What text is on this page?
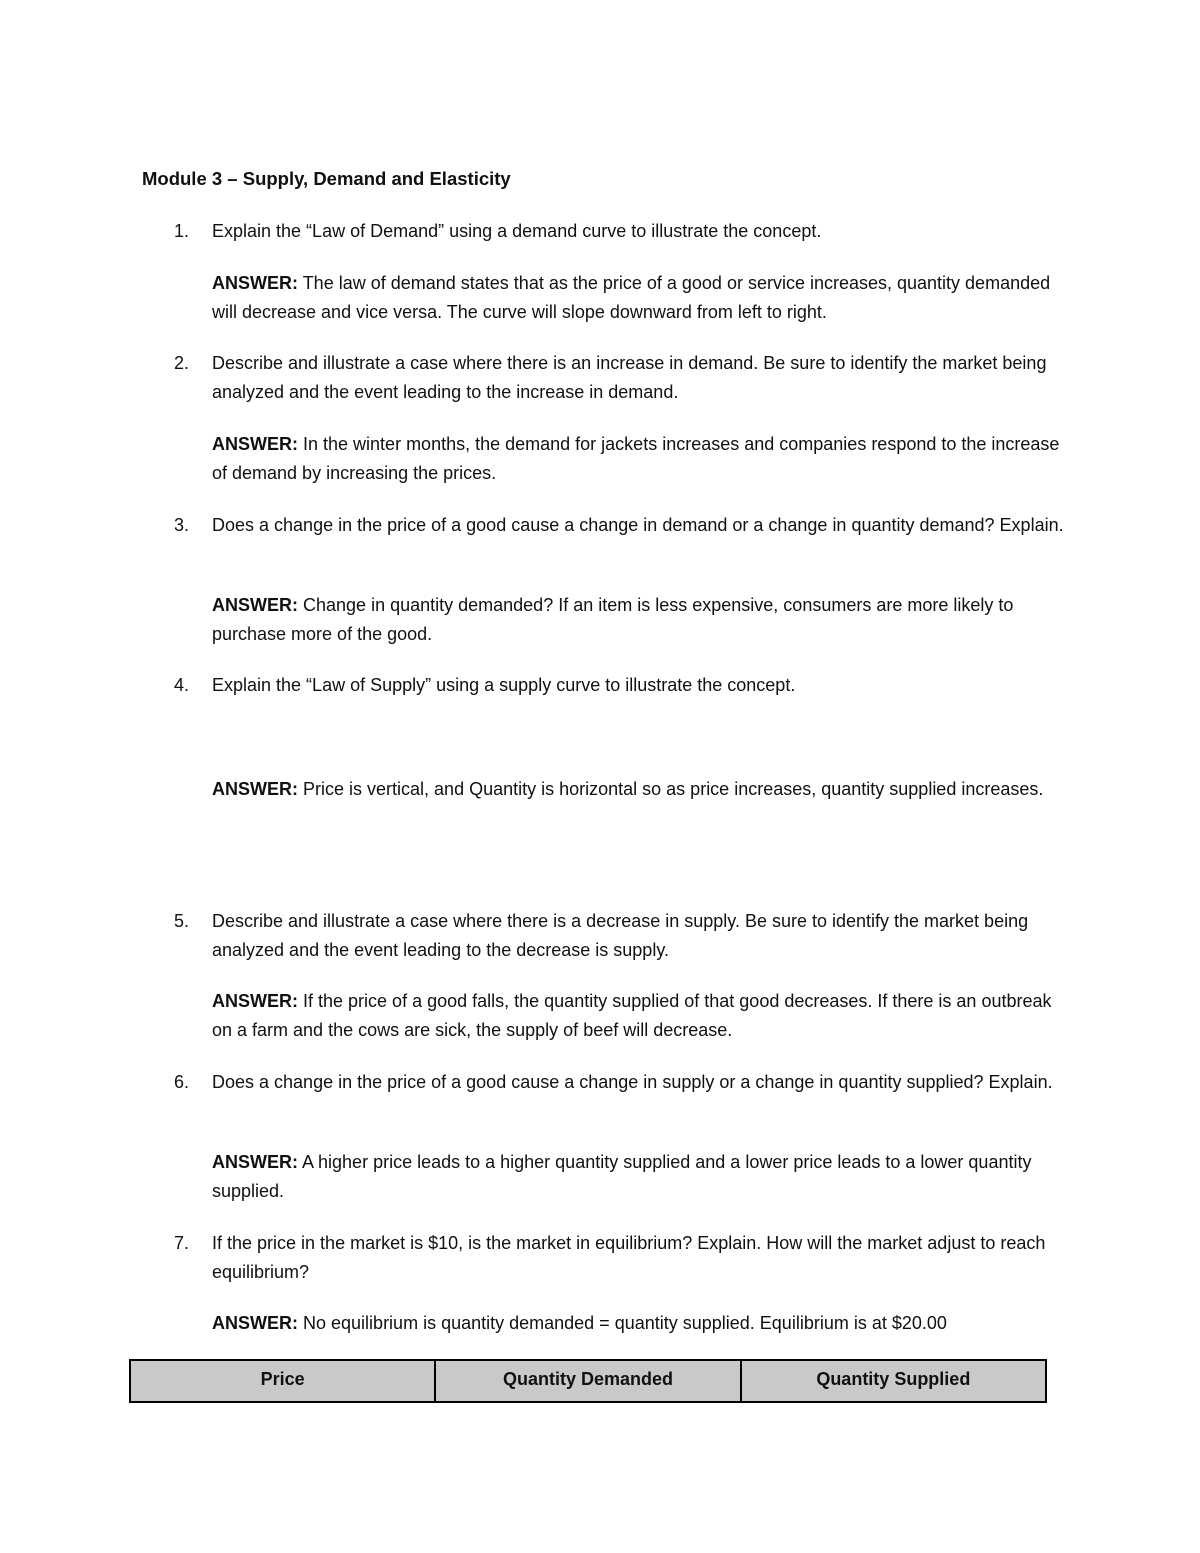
Module 3 – Supply, Demand and Elasticity
1.	Explain the “Law of Demand” using a demand curve to illustrate the concept.
ANSWER: The law of demand states that as the price of a good or service increases, quantity demanded will decrease and vice versa. The curve will slope downward from left to right.
2.	Describe and illustrate a case where there is an increase in demand. Be sure to identify the market being analyzed and the event leading to the increase in demand.
ANSWER: In the winter months, the demand for jackets increases and companies respond to the increase of demand by increasing the prices.
3.	Does a change in the price of a good cause a change in demand or a change in quantity demand? Explain.
ANSWER: Change in quantity demanded? If an item is less expensive, consumers are more likely to purchase more of the good.
4.	Explain the “Law of Supply” using a supply curve to illustrate the concept.
ANSWER: Price is vertical, and Quantity is horizontal so as price increases, quantity supplied increases.
5.	Describe and illustrate a case where there is a decrease in supply. Be sure to identify the market being analyzed and the event leading to the decrease is supply.
ANSWER: If the price of a good falls, the quantity supplied of that good decreases. If there is an outbreak on a farm and the cows are sick, the supply of beef will decrease.
6.	Does a change in the price of a good cause a change in supply or a change in quantity supplied? Explain.
ANSWER: A higher price leads to a higher quantity supplied and a lower price leads to a lower quantity supplied.
7.	If the price in the market is $10, is the market in equilibrium? Explain. How will the market adjust to reach equilibrium?
ANSWER: No equilibrium is quantity demanded = quantity supplied. Equilibrium is at $20.00
Price	Quantity Demanded	Quantity Supplied
